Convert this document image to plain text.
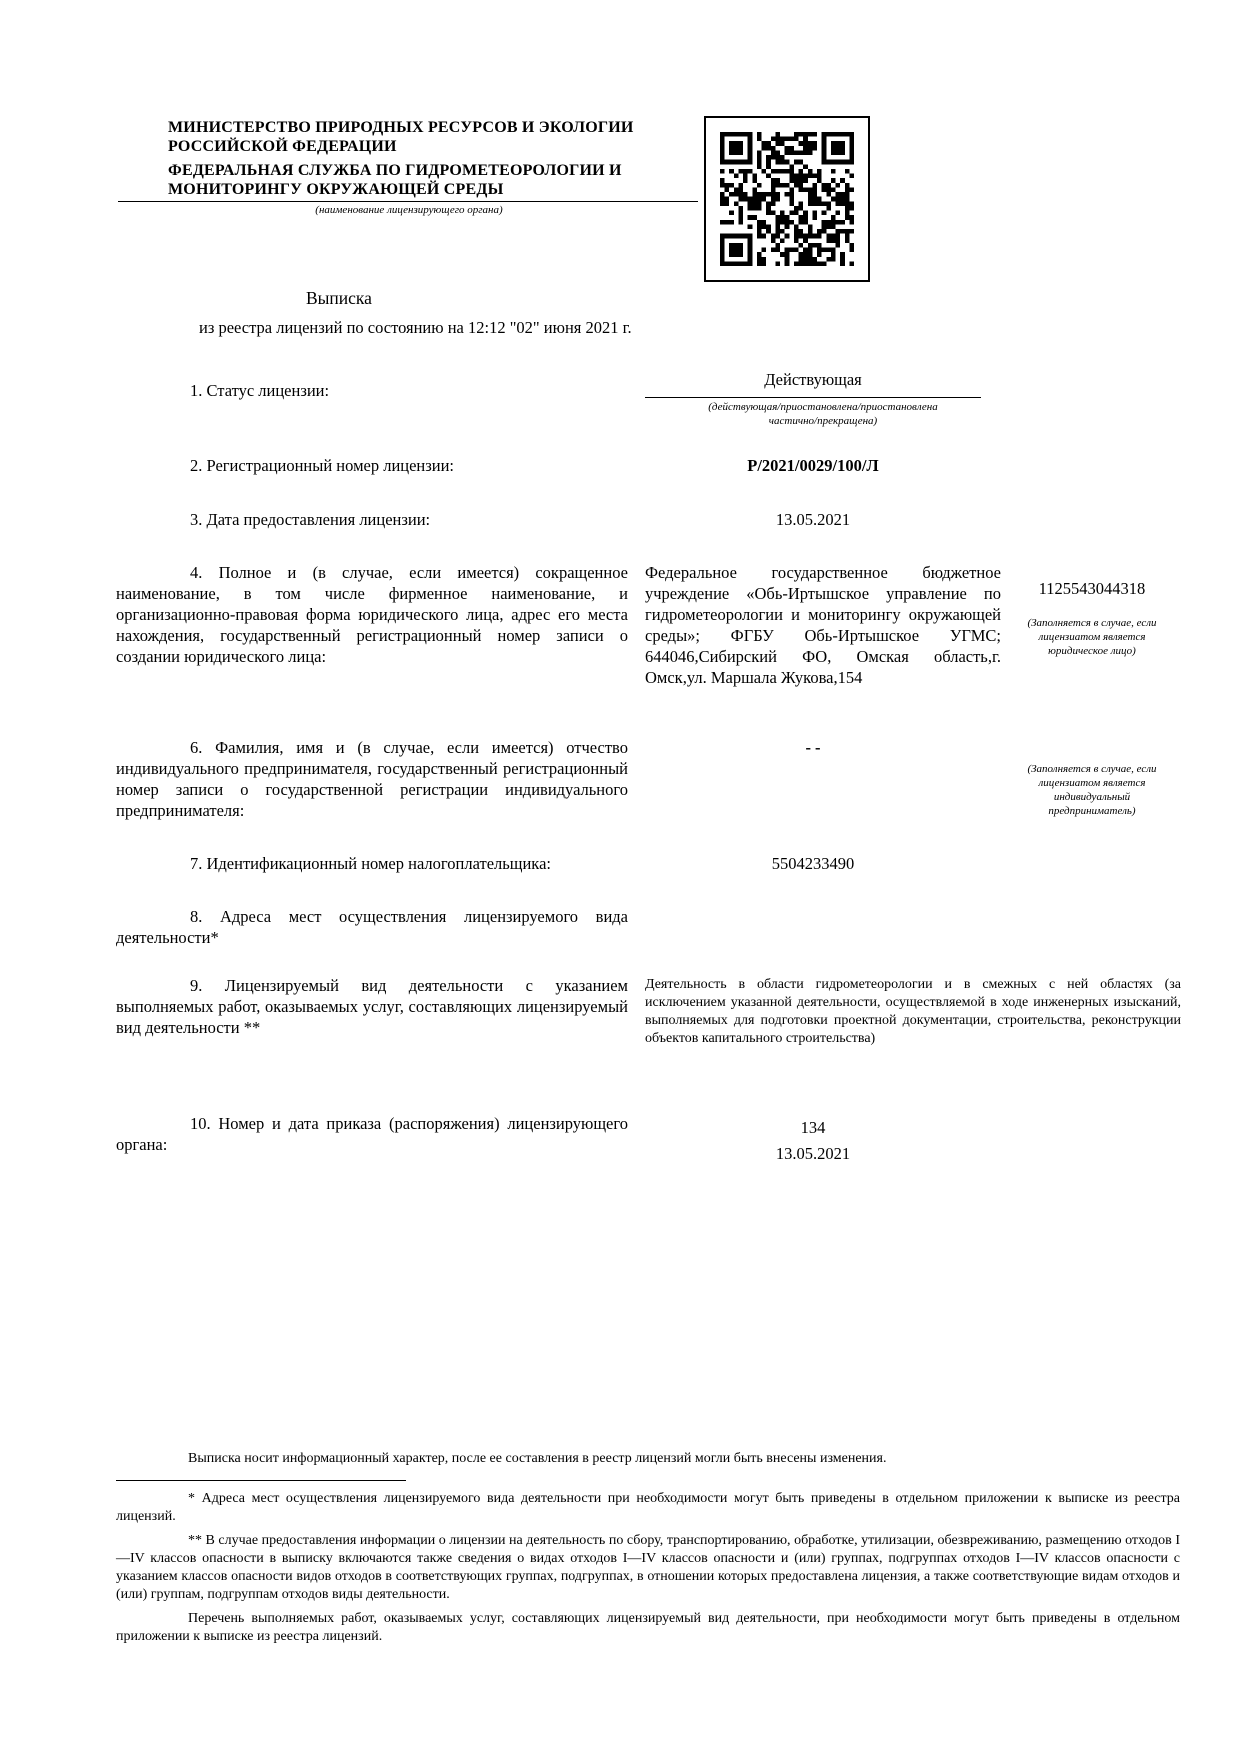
МИНИСТЕРСТВО ПРИРОДНЫХ РЕСУРСОВ И ЭКОЛОГИИ
РОССИЙСКОЙ ФЕДЕРАЦИИ
ФЕДЕРАЛЬНАЯ СЛУЖБА ПО ГИДРОМЕТЕОРОЛОГИИ И
МОНИТОРИНГУ ОКРУЖАЮЩЕЙ СРЕДЫ
(наименование лицензирующего органа)
Выписка
из реестра лицензий по состоянию на 12:12 "02" июня 2021 г.
1. Статус лицензии:
Действующая
(действующая/приостановлена/приостановлена частично/прекращена)
2. Регистрационный номер лицензии:	Р/2021/0029/100/Л
3. Дата предоставления лицензии:	13.05.2021
4. Полное и (в случае, если имеется) сокращенное наименование, в том числе фирменное наименование, и организационно-правовая форма юридического лица, адрес его места нахождения, государственный регистрационный номер записи о создании юридического лица:
Федеральное государственное бюджетное учреждение «Обь-Иртышское управление по гидрометеорологии и мониторингу окружающей среды»; ФГБУ Обь-Иртышское УГМС; 644046,Сибирский ФО, Омская область,г. Омск,ул. Маршала Жукова,154
1125543044318
(Заполняется в случае, если лицензиатом является юридическое лицо)
6. Фамилия, имя и (в случае, если имеется) отчество индивидуального предпринимателя, государственный регистрационный номер записи о государственной регистрации индивидуального предпринимателя:
- -
(Заполняется в случае, если лицензиатом является индивидуальный предприниматель)
7. Идентификационный номер налогоплательщика:	5504233490
8. Адреса мест осуществления лицензируемого вида деятельности*
9. Лицензируемый вид деятельности с указанием выполняемых работ, оказываемых услуг, составляющих лицензируемый вид деятельности **
Деятельность в области гидрометеорологии и в смежных с ней областях (за исключением указанной деятельности, осуществляемой в ходе инженерных изысканий, выполняемых для подготовки проектной документации, строительства, реконструкции объектов капитального строительства)
10. Номер и дата приказа (распоряжения) лицензирующего органа:
134
13.05.2021
Выписка носит информационный характер, после ее составления в реестр лицензий могли быть внесены изменения.
* Адреса мест осуществления лицензируемого вида деятельности при необходимости могут быть приведены в отдельном приложении к выписке из реестра лицензий.
** В случае предоставления информации о лицензии на деятельность по сбору, транспортированию, обработке, утилизации, обезвреживанию, размещению отходов I—IV классов опасности в выписку включаются также сведения о видах отходов I—IV классов опасности и (или) группах, подгруппах отходов I—IV классов опасности с указанием классов опасности видов отходов в соответствующих группах, подгруппах, в отношении которых предоставлена лицензия, а также соответствующие видам отходов и (или) группам, подгруппам отходов виды деятельности.
Перечень выполняемых работ, оказываемых услуг, составляющих лицензируемый вид деятельности, при необходимости могут быть приведены в отдельном приложении к выписке из реестра лицензий.
